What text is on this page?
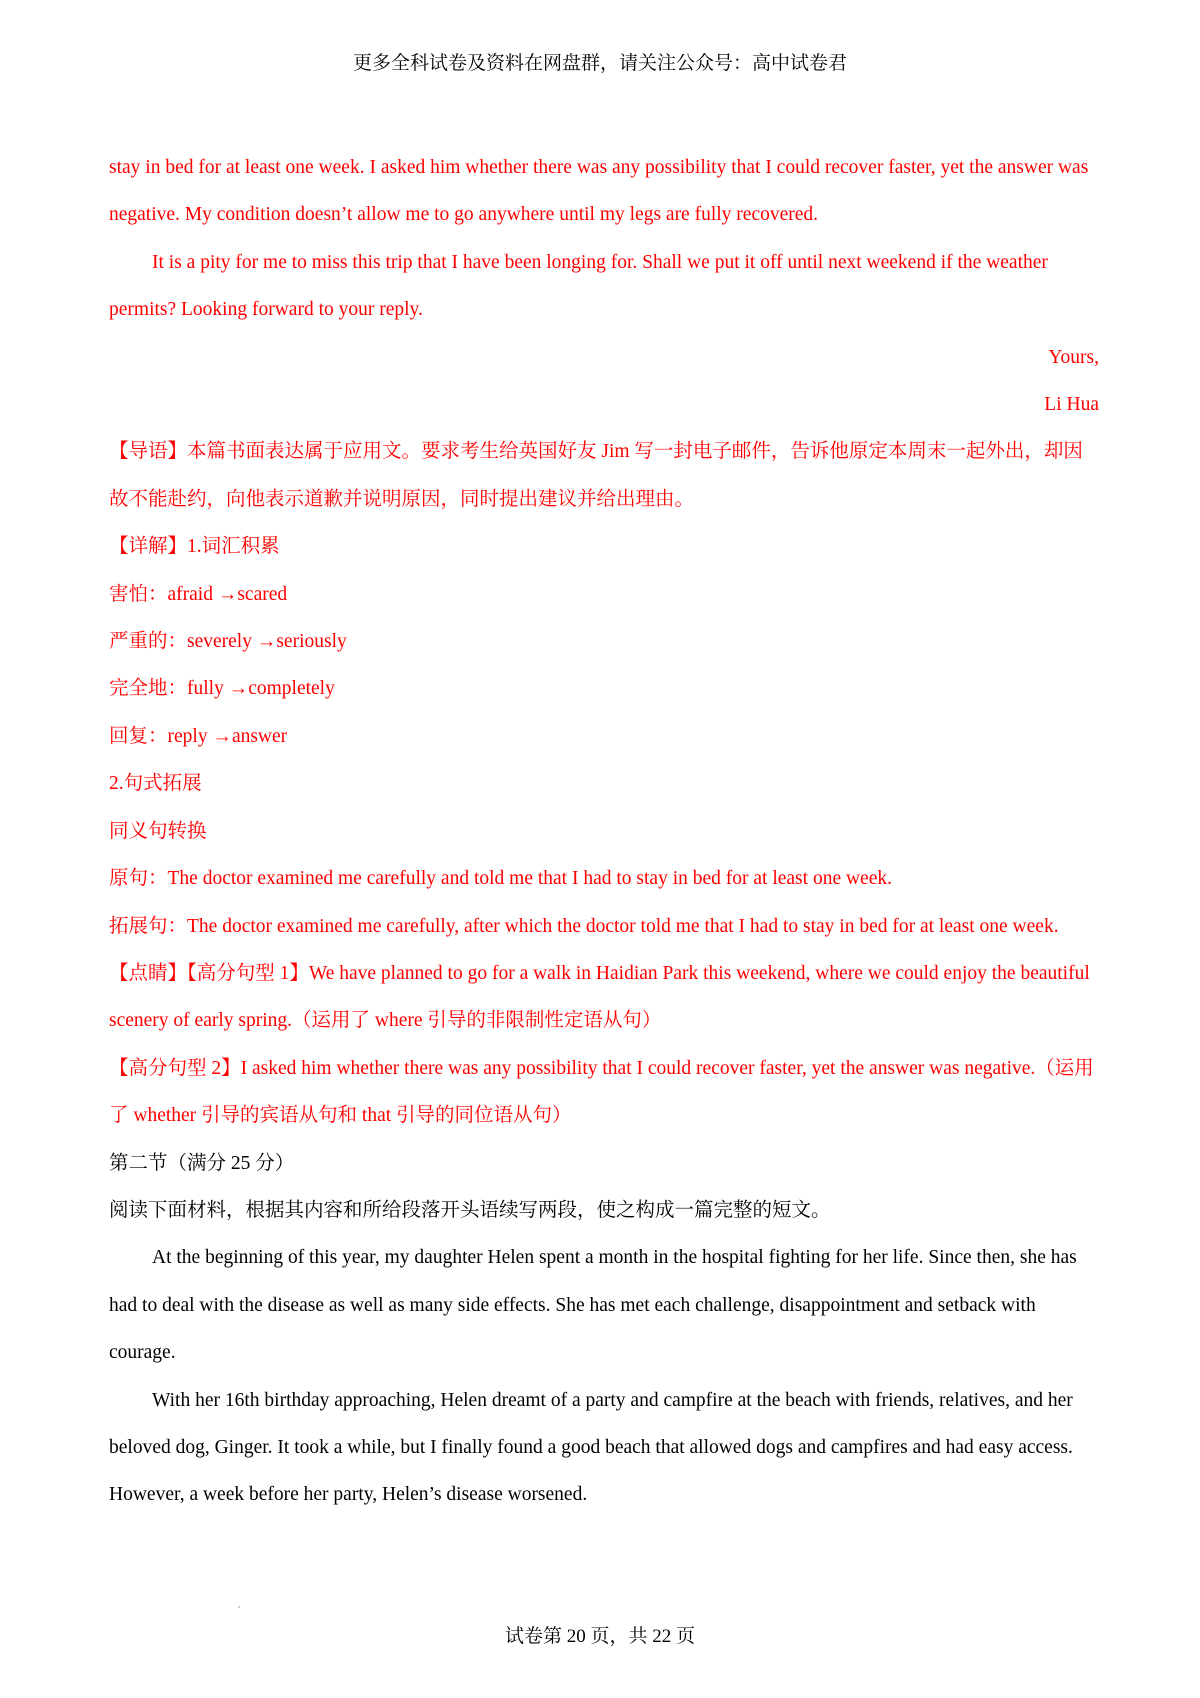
更多全科试卷及资料在网盘群，请关注公众号：高中试卷君

stay in bed for at least one week. I asked him whether there was any possibility that I could recover faster, yet the answer was negative. My condition doesn’t allow me to go anywhere until my legs are fully recovered.

It is a pity for me to miss this trip that I have been longing for. Shall we put it off until next weekend if the weather permits? Looking forward to your reply.

Yours,

Li Hua

【导语】本篇书面表达属于应用文。要求考生给英国好友 Jim 写一封电子邮件，告诉他原定本周末一起外出，却因故不能赴约，向他表示道歉并说明原因，同时提出建议并给出理由。

【详解】1.词汇积累

害怕：afraid →scared

严重的：severely →seriously

完全地：fully →completely

回复：reply →answer

2.句式拓展

同义句转换

原句：The doctor examined me carefully and told me that I had to stay in bed for at least one week.

拓展句：The doctor examined me carefully, after which the doctor told me that I had to stay in bed for at least one week.

【点睛】【高分句型 1】We have planned to go for a walk in Haidian Park this weekend, where we could enjoy the beautiful scenery of early spring.（运用了 where 引导的非限制性定语从句）

【高分句型 2】I asked him whether there was any possibility that I could recover faster, yet the answer was negative.（运用了 whether 引导的宾语从句和 that 引导的同位语从句）

第二节（满分 25 分）

阅读下面材料，根据其内容和所给段落开头语续写两段，使之构成一篇完整的短文。

At the beginning of this year, my daughter Helen spent a month in the hospital fighting for her life. Since then, she has had to deal with the disease as well as many side effects. She has met each challenge, disappointment and setback with courage.

With her 16th birthday approaching, Helen dreamt of a party and campfire at the beach with friends, relatives, and her beloved dog, Ginger. It took a while, but I finally found a good beach that allowed dogs and campfires and had easy access. However, a week before her party, Helen’s disease worsened.

试卷第 20 页，共 22 页
